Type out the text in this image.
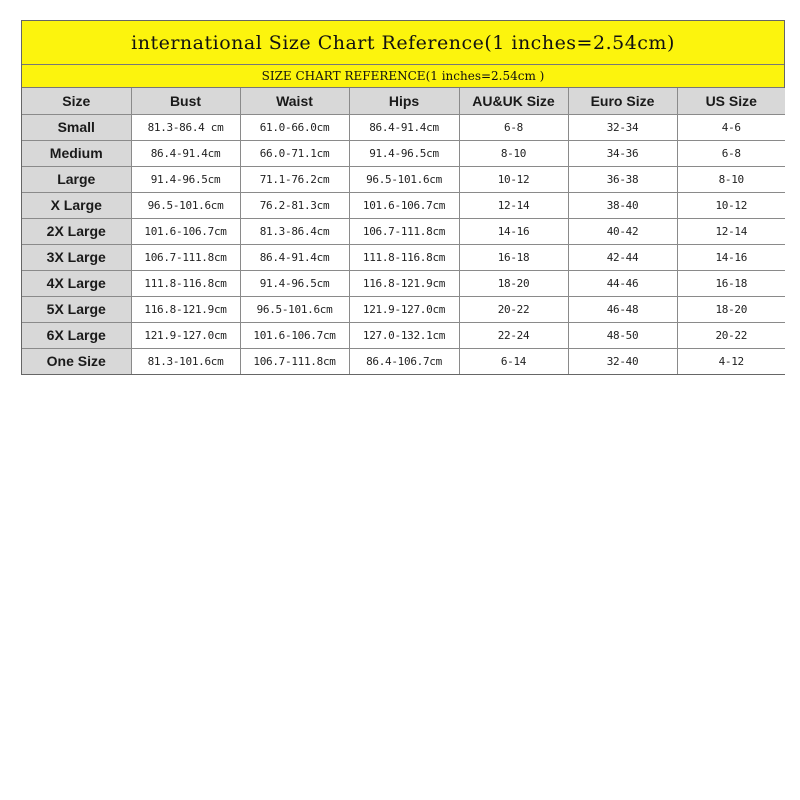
international Size Chart Reference(1 inches=2.54cm)
SIZE CHART REFERENCE(1 inches=2.54cm )
Size	Bust	Waist	Hips	AU&UK Size	Euro Size	US Size
Small	81.3-86.4 cm	61.0-66.0cm	86.4-91.4cm	6-8	32-34	4-6
Medium	86.4-91.4cm	66.0-71.1cm	91.4-96.5cm	8-10	34-36	6-8
Large	91.4-96.5cm	71.1-76.2cm	96.5-101.6cm	10-12	36-38	8-10
X Large	96.5-101.6cm	76.2-81.3cm	101.6-106.7cm	12-14	38-40	10-12
2X Large	101.6-106.7cm	81.3-86.4cm	106.7-111.8cm	14-16	40-42	12-14
3X Large	106.7-111.8cm	86.4-91.4cm	111.8-116.8cm	16-18	42-44	14-16
4X Large	111.8-116.8cm	91.4-96.5cm	116.8-121.9cm	18-20	44-46	16-18
5X Large	116.8-121.9cm	96.5-101.6cm	121.9-127.0cm	20-22	46-48	18-20
6X Large	121.9-127.0cm	101.6-106.7cm	127.0-132.1cm	22-24	48-50	20-22
One Size	81.3-101.6cm	106.7-111.8cm	86.4-106.7cm	6-14	32-40	4-12
